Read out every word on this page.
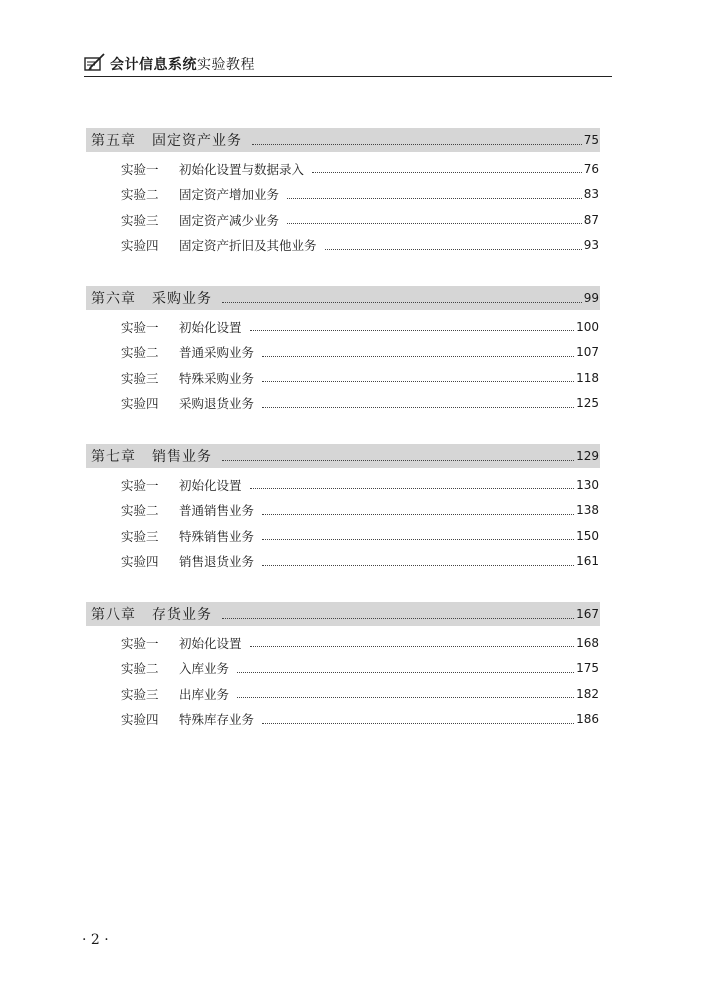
会计信息系统实验教程
第五章 固定资产业务	75
实验一	初始化设置与数据录入	76
实验二	固定资产增加业务	83
实验三	固定资产减少业务	87
实验四	固定资产折旧及其他业务	93
第六章 采购业务	99
实验一	初始化设置	100
实验二	普通采购业务	107
实验三	特殊采购业务	118
实验四	采购退货业务	125
第七章 销售业务	129
实验一	初始化设置	130
实验二	普通销售业务	138
实验三	特殊销售业务	150
实验四	销售退货业务	161
第八章 存货业务	167
实验一	初始化设置	168
实验二	入库业务	175
实验三	出库业务	182
实验四	特殊库存业务	186
· 2 ·
